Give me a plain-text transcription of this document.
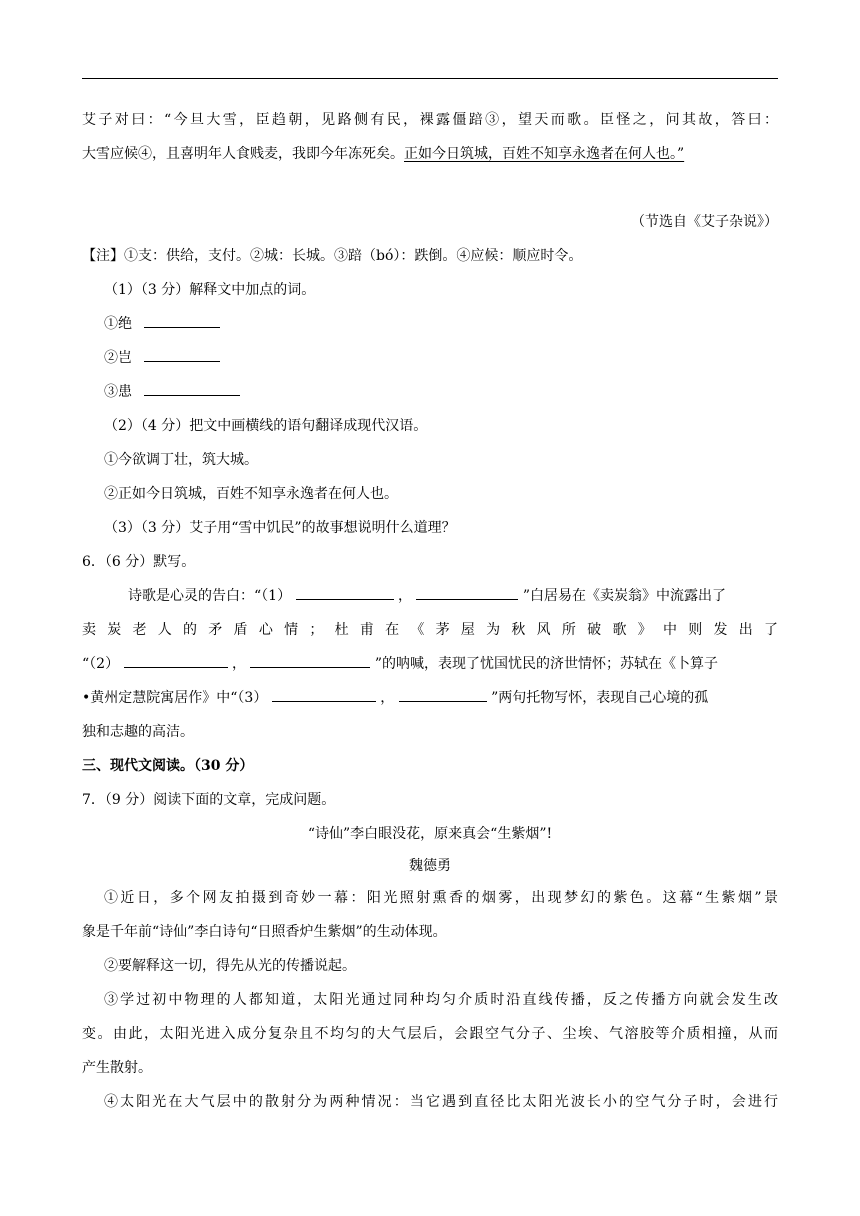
艾子对曰：“今旦大雪，臣趋朝，见路侧有民，裸露僵踣③，望天而歌。臣怪之，问其故，答曰：
大雪应候④，且喜明年人食贱麦，我即今年冻死矣。正如今日筑城，百姓不知享永逸者在何人也。”
（节选自《艾子杂说》）
【注】①支：供给，支付。②城：长城。③踣（bó）：跌倒。④应候：顺应时令。
（1）（3 分）解释文中加点的词。
①绝
②岂
③患
（2）（4 分）把文中画横线的语句翻译成现代汉语。
①今欲调丁壮，筑大城。
②正如今日筑城，百姓不知享永逸者在何人也。
（3）（3 分）艾子用“雪中饥民”的故事想说明什么道理？
6．（6 分）默写。
诗歌是心灵的告白：“（1）	，	”白居易在《卖炭翁》中流露出了
卖炭老人的矛盾心情；杜甫在《茅屋为秋风所破歌》中则发出了
“（2）	，	”的呐喊，表现了忧国忧民的济世情怀；苏轼在《卜算子
•黄州定慧院寓居作》中“（3）	，	”两句托物写怀，表现自己心境的孤
独和志趣的高洁。
三、现代文阅读。（30 分）
7．（9 分）阅读下面的文章，完成问题。
“诗仙”李白眼没花，原来真会“生紫烟”!
魏德勇
①近日，多个网友拍摄到奇妙一幕：阳光照射熏香的烟雾，出现梦幻的紫色。这幕“生紫烟”景
象是千年前“诗仙”李白诗句“日照香炉生紫烟”的生动体现。
②要解释这一切，得先从光的传播说起。
③学过初中物理的人都知道，太阳光通过同种均匀介质时沿直线传播，反之传播方向就会发生改
变。由此，太阳光进入成分复杂且不均匀的大气层后，会跟空气分子、尘埃、气溶胶等介质相撞，从而
产生散射。
④太阳光在大气层中的散射分为两种情况：当它遇到直径比太阳光波长小的空气分子时，会进行
